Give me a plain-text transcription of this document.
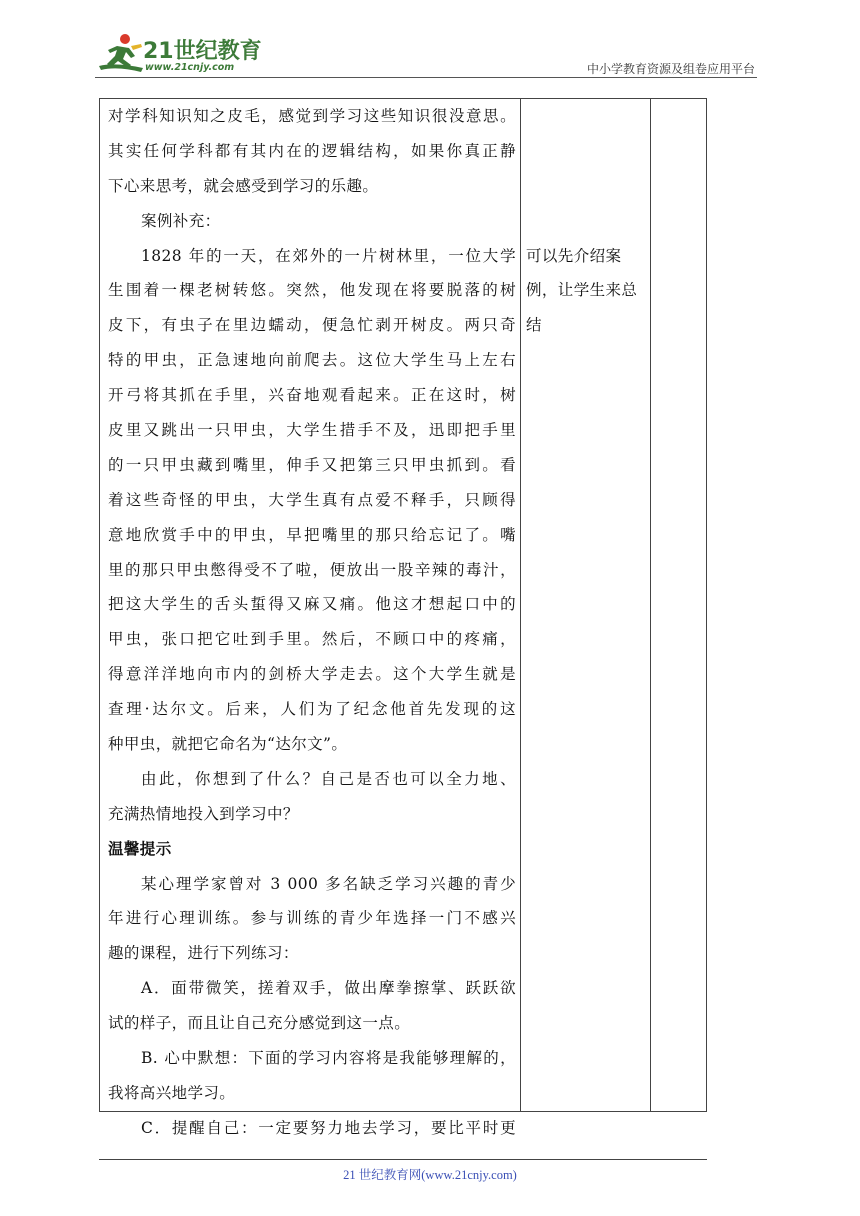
21世纪教育
www.21cnjy.com	中小学教育资源及组卷应用平台
对学科知识知之皮毛，感觉到学习这些知识很没意思。
其实任何学科都有其内在的逻辑结构，如果你真正静
下心来思考，就会感受到学习的乐趣。
案例补充：
1828 年的一天，在郊外的一片树林里，一位大学
生围着一棵老树转悠。突然，他发现在将要脱落的树
皮下，有虫子在里边蠕动，便急忙剥开树皮。两只奇
特的甲虫，正急速地向前爬去。这位大学生马上左右
开弓将其抓在手里，兴奋地观看起来。正在这时，树
皮里又跳出一只甲虫，大学生措手不及，迅即把手里
的一只甲虫藏到嘴里，伸手又把第三只甲虫抓到。看
着这些奇怪的甲虫，大学生真有点爱不释手，只顾得
意地欣赏手中的甲虫，早把嘴里的那只给忘记了。嘴
里的那只甲虫憋得受不了啦，便放出一股辛辣的毒汁，
把这大学生的舌头蜇得又麻又痛。他这才想起口中的
甲虫，张口把它吐到手里。然后，不顾口中的疼痛，
得意洋洋地向市内的剑桥大学走去。这个大学生就是
查理·达尔文。后来，人们为了纪念他首先发现的这
种甲虫，就把它命名为“达尔文”。
由此，你想到了什么？自己是否也可以全力地、
充满热情地投入到学习中？
温馨提示
某心理学家曾对 3 000 多名缺乏学习兴趣的青少
年进行心理训练。参与训练的青少年选择一门不感兴
趣的课程，进行下列练习：
A．面带微笑，搓着双手，做出摩拳擦掌、跃跃欲
试的样子，而且让自己充分感觉到这一点。
B. 心中默想：下面的学习内容将是我能够理解的，
我将高兴地学习。
C．提醒自己：一定要努力地去学习，要比平时更
可以先介绍案
例，让学生来总
结
21 世纪教育网(www.21cnjy.com)
